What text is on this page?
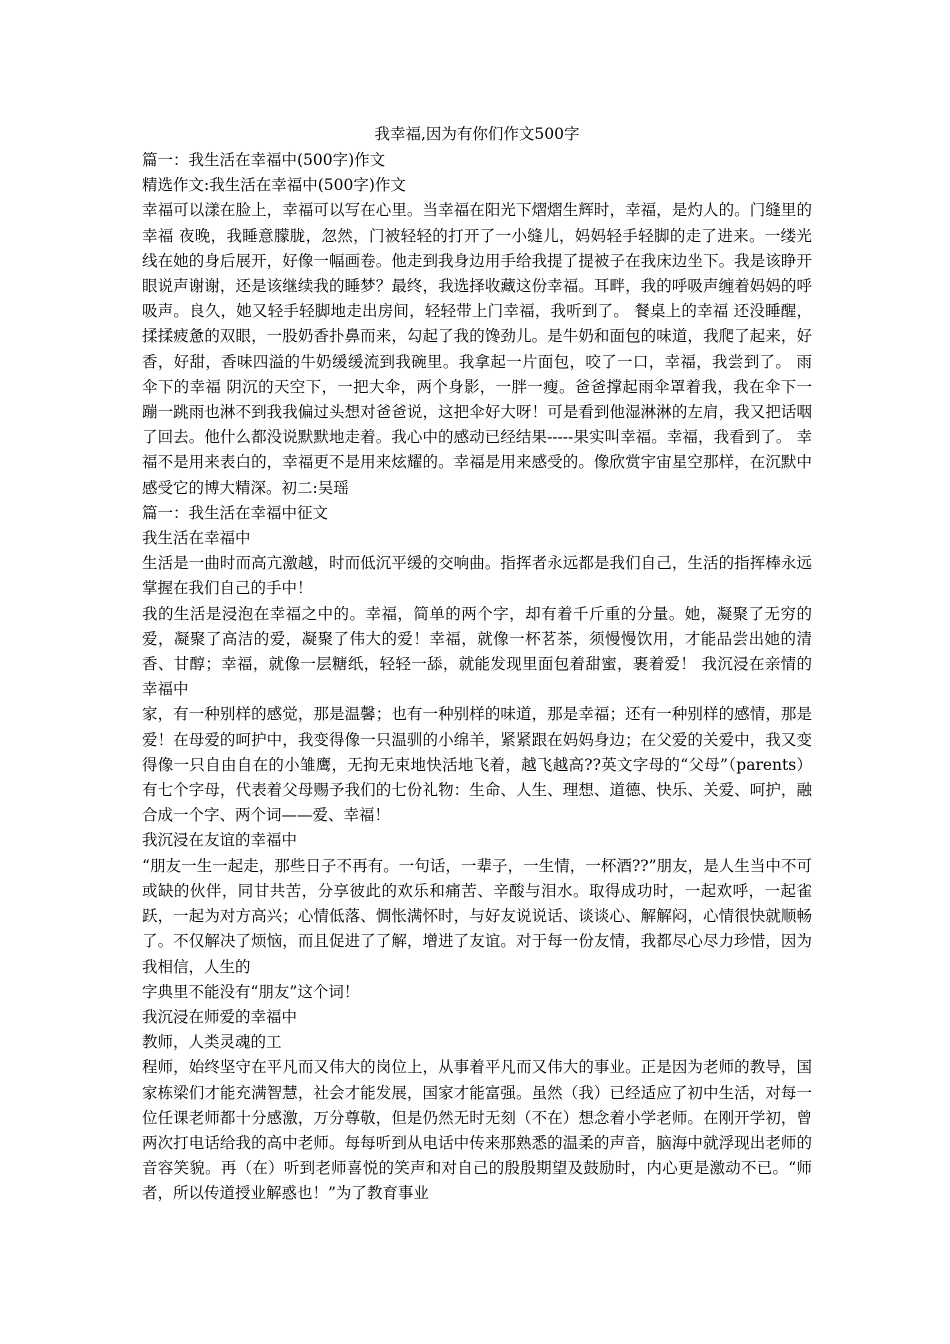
我幸福,因为有你们作文500字

篇一：我生活在幸福中(500字)作文

精选作文:我生活在幸福中(500字)作文

幸福可以漾在脸上，幸福可以写在心里。当幸福在阳光下熠熠生辉时，幸福，是灼人的。门缝里的幸福 夜晚，我睡意朦胧，忽然，门被轻轻的打开了一小缝儿，妈妈轻手轻脚的走了进来。一缕光线在她的身后展开，好像一幅画卷。他走到我身边用手给我提了提被子在我床边坐下。我是该睁开眼说声谢谢，还是该继续我的睡梦？最终，我选择收藏这份幸福。耳畔，我的呼吸声缠着妈妈的呼吸声。良久，她又轻手轻脚地走出房间，轻轻带上门幸福，我听到了。 餐桌上的幸福 还没睡醒，揉揉疲惫的双眼，一股奶香扑鼻而来，勾起了我的馋劲儿。是牛奶和面包的味道，我爬了起来，好香，好甜，香味四溢的牛奶缓缓流到我碗里。我拿起一片面包，咬了一口，幸福，我尝到了。 雨伞下的幸福 阴沉的天空下，一把大伞，两个身影，一胖一瘦。爸爸撑起雨伞罩着我，我在伞下一蹦一跳雨也淋不到我我偏过头想对爸爸说，这把伞好大呀！可是看到他湿淋淋的左肩，我又把话咽了回去。他什么都没说默默地走着。我心中的感动已经结果-----果实叫幸福。幸福，我看到了。 幸福不是用来表白的，幸福更不是用来炫耀的。幸福是用来感受的。像欣赏宇宙星空那样，在沉默中感受它的博大精深。初二:吴瑶

篇一：我生活在幸福中征文

我生活在幸福中

生活是一曲时而高亢激越，时而低沉平缓的交响曲。指挥者永远都是我们自己，生活的指挥棒永远掌握在我们自己的手中！

我的生活是浸泡在幸福之中的。幸福，简单的两个字，却有着千斤重的分量。她，凝聚了无穷的爱，凝聚了高洁的爱，凝聚了伟大的爱！幸福，就像一杯茗茶，须慢慢饮用，才能品尝出她的清香、甘醇；幸福，就像一层糖纸，轻轻一舔，就能发现里面包着甜蜜，裹着爱！ 我沉浸在亲情的幸福中

家，有一种别样的感觉，那是温馨；也有一种别样的味道，那是幸福；还有一种别样的感情，那是爱！在母爱的呵护中，我变得像一只温驯的小绵羊，紧紧跟在妈妈身边；在父爱的关爱中，我又变得像一只自由自在的小雏鹰，无拘无束地快活地飞着，越飞越高??英文字母的“父母”（parents）有七个字母，代表着父母赐予我们的七份礼物：生命、人生、理想、道德、快乐、关爱、呵护，融合成一个字、两个词——爱、幸福！

我沉浸在友谊的幸福中

“朋友一生一起走，那些日子不再有。一句话，一辈子，一生情，一杯酒??”朋友，是人生当中不可或缺的伙伴，同甘共苦，分享彼此的欢乐和痛苦、辛酸与泪水。取得成功时，一起欢呼，一起雀跃，一起为对方高兴；心情低落、惆怅满怀时，与好友说说话、谈谈心、解解闷，心情很快就顺畅了。不仅解决了烦恼，而且促进了了解，增进了友谊。对于每一份友情，我都尽心尽力珍惜，因为我相信，人生的

字典里不能没有“朋友”这个词！

我沉浸在师爱的幸福中

教师，人类灵魂的工

程师，始终坚守在平凡而又伟大的岗位上，从事着平凡而又伟大的事业。正是因为老师的教导，国家栋梁们才能充满智慧，社会才能发展，国家才能富强。虽然（我）已经适应了初中生活，对每一位任课老师都十分感激，万分尊敬，但是仍然无时无刻（不在）想念着小学老师。在刚开学初，曾两次打电话给我的高中老师。每每听到从电话中传来那熟悉的温柔的声音，脑海中就浮现出老师的音容笑貌。再（在）听到老师喜悦的笑声和对自己的殷殷期望及鼓励时，内心更是激动不已。“师者，所以传道授业解惑也！”为了教育事业
